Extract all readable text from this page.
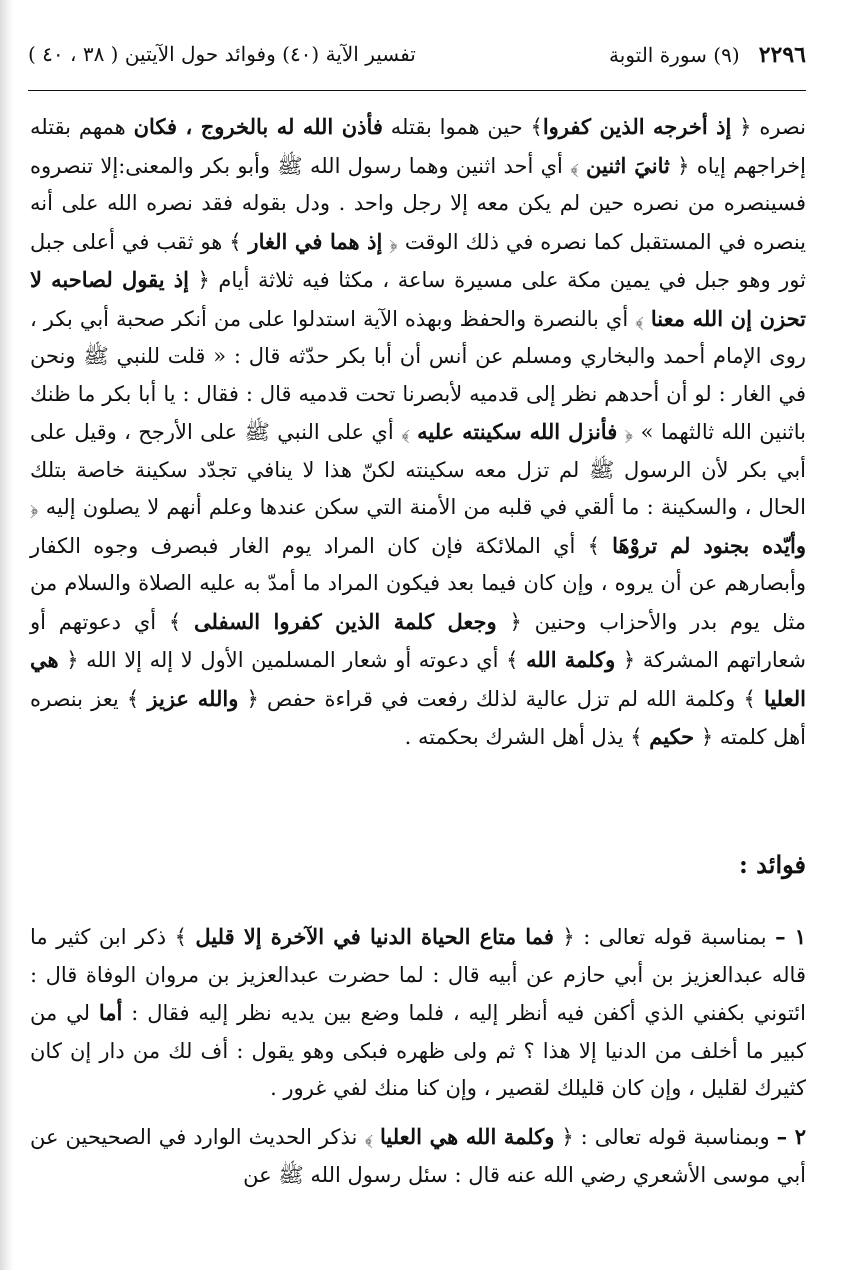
٢٢٩٦   (٩) سورة التوبة
تفسير الآية (٤٠) وفوائد حول الآيتين ( ٣٨ ، ٤٠ )
نصره ﴿ إذ أخرجه الذين كفروا﴾ حين هموا بقتله فأذن الله له بالخروج ، فكان همهم بقتله إخراجهم إياه ﴿ ثانيَ اثنين ﴾ أي أحد اثنين وهما رسول الله ﷺ وأبو بكر والمعنى:إلا تنصروه فسينصره من نصره حين لم يكن معه إلا رجل واحد . ودل بقوله فقد نصره الله على أنه ينصره في المستقبل كما نصره في ذلك الوقت ﴿ إذ هما في الغار ﴾ هو ثقب في أعلى جبل ثور وهو جبل في يمين مكة على مسيرة ساعة ، مكثا فيه ثلاثة أيام ﴿ إذ يقول لصاحبه لا تحزن إن الله معنا ﴾ أي بالنصرة والحفظ وبهذه الآية استدلوا على من أنكر صحبة أبي بكر ، روى الإمام أحمد والبخاري ومسلم عن أنس أن أبا بكر حدّثه قال : « قلت للنبي ﷺ ونحن في الغار : لو أن أحدهم نظر إلى قدميه لأبصرنا تحت قدميه قال : فقال : يا أبا بكر ما ظنك باثنين الله ثالثهما » ﴿ فأنزل الله سكينته عليه ﴾ أي على النبي ﷺ على الأرجح ، وقيل على أبي بكر لأن الرسول ﷺ لم تزل معه سكينته لكنّ هذا لا ينافي تجدّد سكينة خاصة بتلك الحال ، والسكينة : ما ألقي في قلبه من الأمنة التي سكن عندها وعلم أنهم لا يصلون إليه ﴿ وأيّده بجنود لم تروْهَا ﴾ أي الملائكة فإن كان المراد يوم الغار فبصرف وجوه الكفار وأبصارهم عن أن يروه ، وإن كان فيما بعد فيكون المراد ما أمدّ به عليه الصلاة والسلام من مثل يوم بدر والأحزاب وحنين ﴿ وجعل كلمة الذين كفروا السفلى ﴾ أي دعوتهم أو شعاراتهم المشركة ﴿ وكلمة الله ﴾ أي دعوته أو شعار المسلمين الأول لا إله إلا الله ﴿ هي العليا ﴾ وكلمة الله لم تزل عالية لذلك رفعت في قراءة حفص ﴿ والله عزيز ﴾ يعز بنصره أهل كلمته ﴿ حكيم ﴾ يذل أهل الشرك بحكمته .
فوائد :
١ – بمناسبة قوله تعالى : ﴿ فما متاع الحياة الدنيا في الآخرة إلا قليل ﴾ ذكر ابن كثير ما قاله عبدالعزيز بن أبي حازم عن أبيه قال : لما حضرت عبدالعزيز بن مروان الوفاة قال : ائتوني بكفني الذي أكفن فيه أنظر إليه ، فلما وضع بين يديه نظر إليه فقال : أما لي من كبير ما أخلف من الدنيا إلا هذا ؟ ثم ولى ظهره فبكى وهو يقول : أف لك من دار إن كان كثيرك لقليل ، وإن كان قليلك لقصير ، وإن كنا منك لفي غرور .
٢ – وبمناسبة قوله تعالى : ﴿ وكلمة الله هي العليا ﴾ نذكر الحديث الوارد في الصحيحين عن أبي موسى الأشعري رضي الله عنه قال : سئل رسول الله ﷺ عن
